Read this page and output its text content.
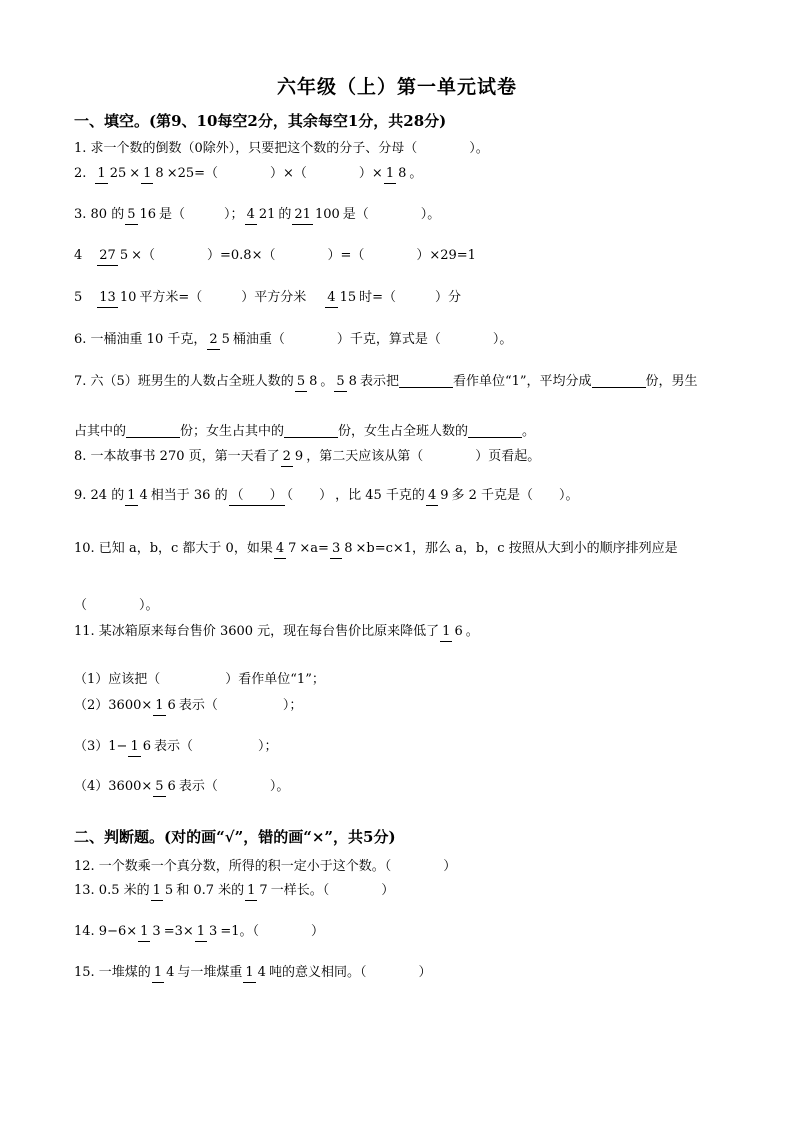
六年级（上）第一单元试卷
一、填空。(第9、10每空2分，其余每空1分，共28分)
1. 求一个数的倒数（0除外），只要把这个数的分子、分母（　　　　）。
2. 1 25 × 1 8 ×25=（　　　　）×（　　　　）× 1 8 。
3. 80 的 5 16 是（　　　）； 4 21 的 21 100 是（　　　　）。
4 27 5 ×（　　　　）=0.8×（　　　　）=（　　　　）×29=1
5 13 10 平方米=（　　　）平方分米 4 15 时=（　　　）分
6. 一桶油重 10 千克， 2 5 桶油重（　　　　）千克，算式是（　　　　）。
7. 六（5）班男生的人数占全班人数的 5 8 。 5 8 表示把	看作单位“1”，平均分成	份，男生
占其中的	份；女生占其中的	份，女生占全班人数的	。
8. 一本故事书 270 页，第一天看了 2 9 ，第二天应该从第（　　　　）页看起。
9. 24 的 1 4 相当于 36 的 （　　） （　　） ，比 45 千克的 4 9 多 2 千克是（　　）。
10. 已知 a，b，c 都大于 0，如果 4 7 ×a= 3 8 ×b=c×1，那么 a，b，c 按照从大到小的顺序排列应是
（　　　　）。
11. 某冰箱原来每台售价 3600 元，现在每台售价比原来降低了 1 6 。
（1）应该把（　　　　　）看作单位“1”；
（2）3600× 1 6 表示（　　　　　）；
（3）1− 1 6 表示（　　　　　）；
（4）3600× 5 6 表示（　　　　）。
二、判断题。(对的画“√”，错的画“×”，共5分)
12. 一个数乘一个真分数，所得的积一定小于这个数。（　　　　）
13. 0.5 米的 1 5 和 0.7 米的 1 7 一样长。（　　　　）
14. 9−6× 1 3 =3× 1 3 =1。（　　　　）
15. 一堆煤的 1 4 与一堆煤重 1 4 吨的意义相同。（　　　　）
